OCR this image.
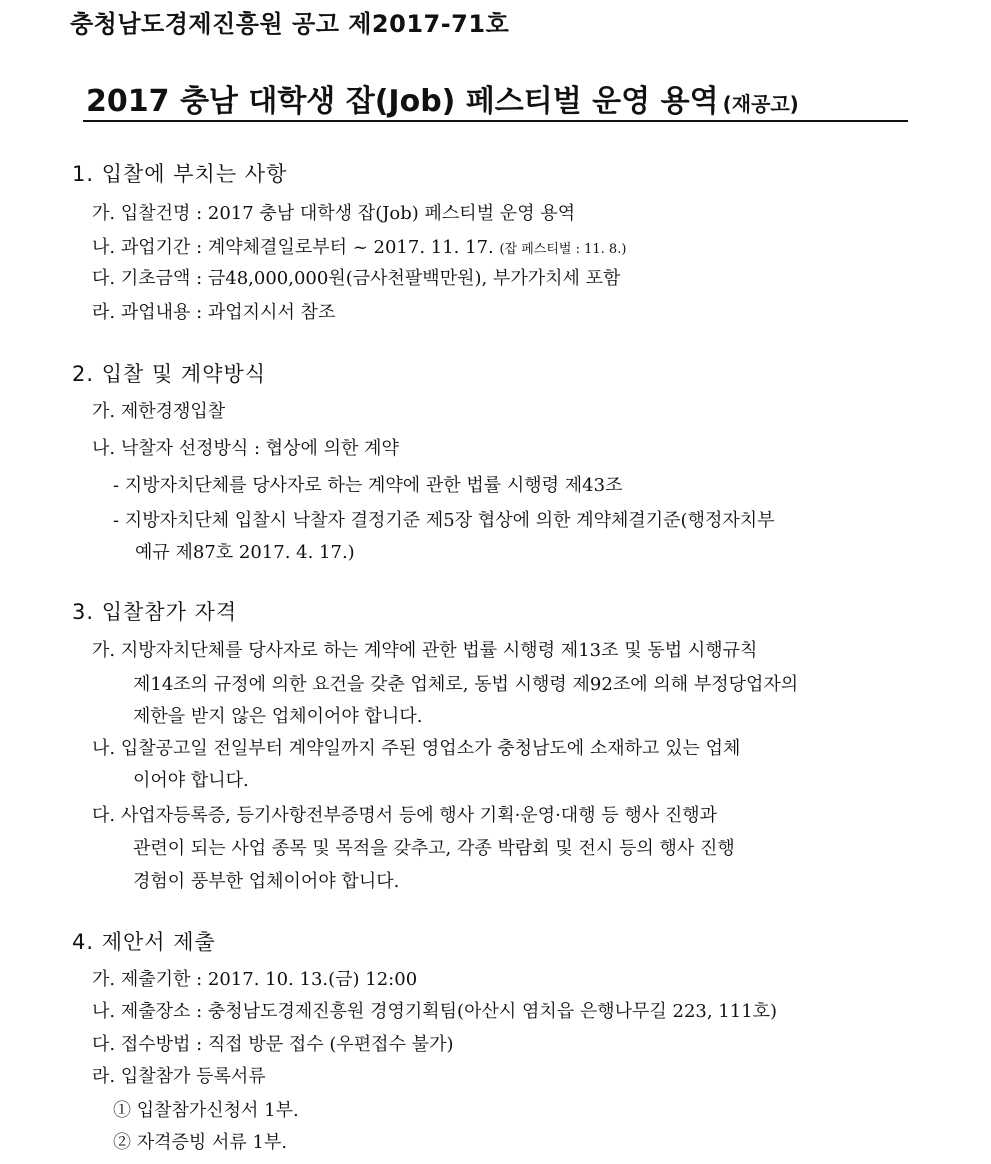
충청남도경제진흥원 공고 제2017-71호
2017 충남 대학생 잡(Job) 페스티벌 운영 용역 (재공고)
1. 입찰에 부치는 사항
가. 입찰건명 : 2017 충남 대학생 잡(Job) 페스티벌 운영 용역
나. 과업기간 : 계약체결일로부터 ~ 2017. 11. 17. (잡 페스티벌 : 11. 8.)
다. 기초금액 : 금48,000,000원(금사천팔백만원), 부가가치세 포함
라. 과업내용 : 과업지시서 참조
2. 입찰 및 계약방식
가. 제한경쟁입찰
나. 낙찰자 선정방식 : 협상에 의한 계약
- 지방자치단체를 당사자로 하는 계약에 관한 법률 시행령 제43조
- 지방자치단체 입찰시 낙찰자 결정기준 제5장 협상에 의한 계약체결기준(행정자치부
예규 제87호 2017. 4. 17.)
3. 입찰참가 자격
가. 지방자치단체를 당사자로 하는 계약에 관한 법률 시행령 제13조 및 동법 시행규칙
제14조의 규정에 의한 요건을 갖춘 업체로, 동법 시행령 제92조에 의해 부정당업자의
제한을 받지 않은 업체이어야 합니다.
나. 입찰공고일 전일부터 계약일까지 주된 영업소가 충청남도에 소재하고 있는 업체
이어야 합니다.
다. 사업자등록증, 등기사항전부증명서 등에 행사 기획·운영·대행 등 행사 진행과
관련이 되는 사업 종목 및 목적을 갖추고, 각종 박람회 및 전시 등의 행사 진행
경험이 풍부한 업체이어야 합니다.
4. 제안서 제출
가. 제출기한 : 2017. 10. 13.(금) 12:00
나. 제출장소 : 충청남도경제진흥원 경영기획팀(아산시 염치읍 은행나무길 223, 111호)
다. 접수방법 : 직접 방문 접수 (우편접수 불가)
라. 입찰참가 등록서류
① 입찰참가신청서 1부.
② 자격증빙 서류 1부.
